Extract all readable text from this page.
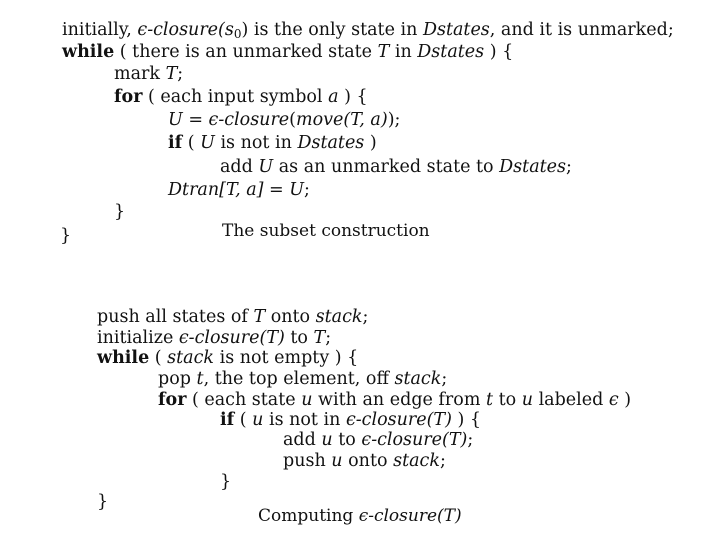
initially, $\epsilon-closure(s_0)$ is the only state in Dstates, and it is unmarked;
while ( there is an unmarked state T in Dstates ) {
mark T;
for ( each input symbol a ) {
U = ϵ-closure(move(T, a));
if ( U is not in Dstates )
add U as an unmarked state to Dstates;
Dtran[T, a] = U;
}
}	The subset construction
push all states of T onto stack;
initialize ϵ-closure(T) to T;
while ( stack is not empty ) {
pop t, the top element, off stack;
for ( each state u with an edge from t to u labeled ϵ )
if ( u is not in ϵ-closure(T) ) {
add u to ϵ-closure(T);
push u onto stack;
}
}
Computing ϵ-closure(T)
